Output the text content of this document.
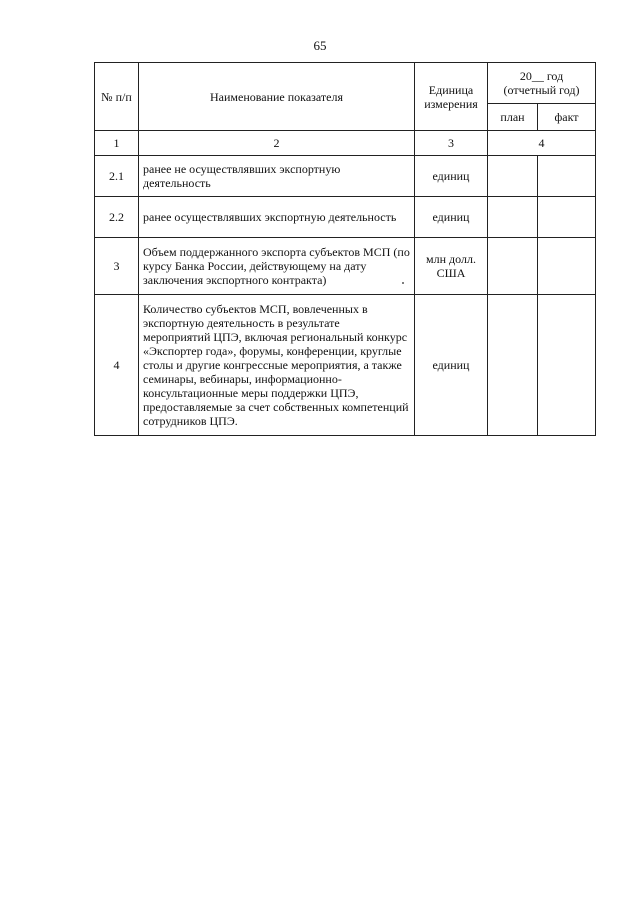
65
№ п/п	Наименование показателя	Единица измерения	20__ год
(отчетный год)	

			план	факт
1	2	3	4	
2.1	ранее не осуществлявших экспортную деятельность	единиц		
2.2	ранее осуществлявших экспортную деятельность	единиц		
3	Объем поддержанного экспорта субъектов МСП (по курсу Банка России, действующему на дату заключения экспортного контракта)	млн долл. США		
4	Количество субъектов МСП, вовлеченных в экспортную деятельность в результате мероприятий ЦПЭ, включая региональный конкурс «Экспортер года», форумы, конференции, круглые столы и другие конгрессные мероприятия, а также семинары, вебинары, информационно-консультационные меры поддержки ЦПЭ, предоставляемые за счет собственных компетенций сотрудников ЦПЭ.	единиц		
